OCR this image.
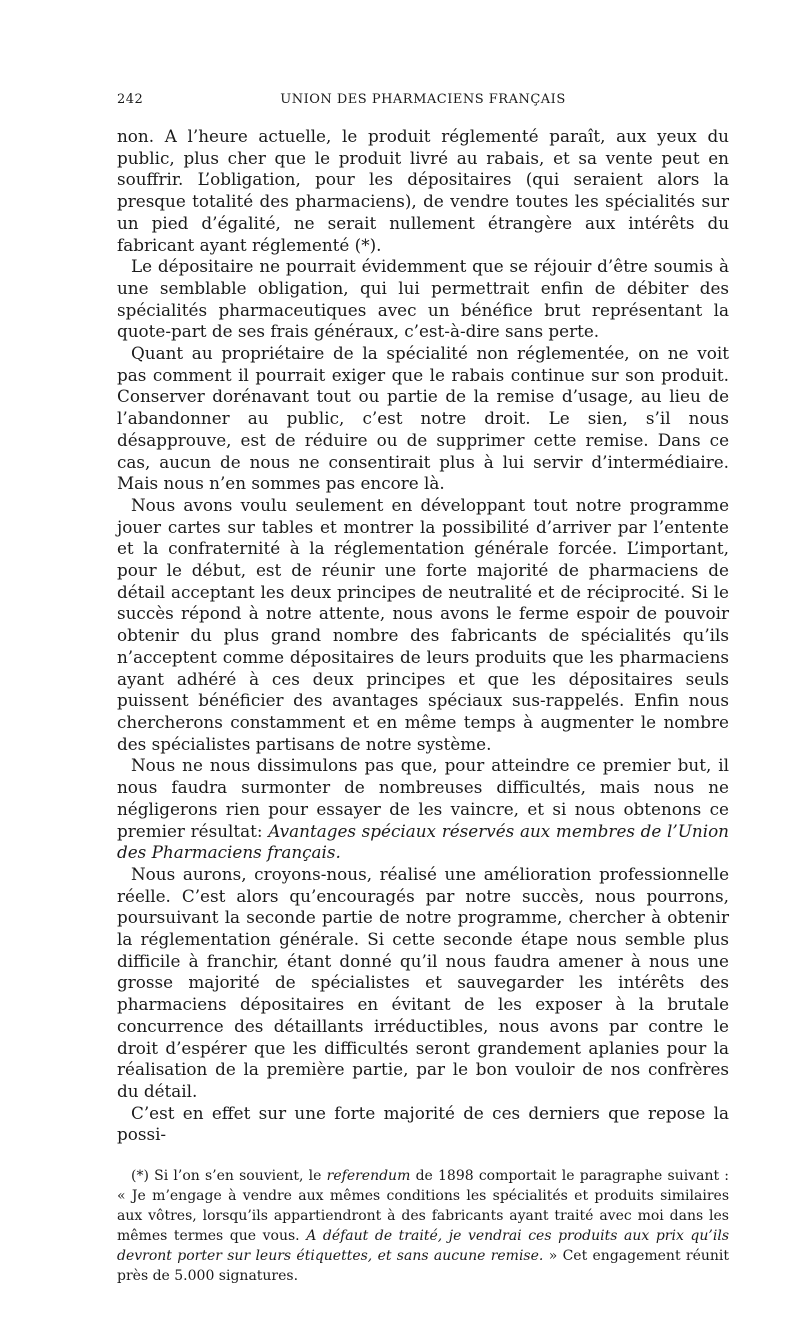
242	UNION DES PHARMACIENS FRANÇAIS

non. A l’heure actuelle, le produit réglementé paraît, aux yeux du public, plus cher que le produit livré au rabais, et sa vente peut en souffrir. L’obligation, pour les dépositaires (qui seraient alors la presque totalité des pharmaciens), de vendre toutes les spécialités sur un pied d’égalité, ne serait nullement étrangère aux intérêts du fabricant ayant réglementé (*).

Le dépositaire ne pourrait évidemment que se réjouir d’être soumis à une semblable obligation, qui lui permettrait enfin de débiter des spécialités pharmaceutiques avec un bénéfice brut représentant la quote-part de ses frais généraux, c’est-à-dire sans perte.

Quant au propriétaire de la spécialité non réglementée, on ne voit pas comment il pourrait exiger que le rabais continue sur son produit. Conserver dorénavant tout ou partie de la remise d’usage, au lieu de l’abandonner au public, c’est notre droit. Le sien, s’il nous désapprouve, est de réduire ou de supprimer cette remise. Dans ce cas, aucun de nous ne consentirait plus à lui servir d’intermédiaire. Mais nous n’en sommes pas encore là.

Nous avons voulu seulement en développant tout notre programme jouer cartes sur tables et montrer la possibilité d’arriver par l’entente et la confraternité à la réglementation générale forcée. L’important, pour le début, est de réunir une forte majorité de pharmaciens de détail acceptant les deux principes de neutralité et de réciprocité. Si le succès répond à notre attente, nous avons le ferme espoir de pouvoir obtenir du plus grand nombre des fabricants de spécialités qu’ils n’acceptent comme dépositaires de leurs produits que les pharmaciens ayant adhéré à ces deux principes et que les dépositaires seuls puissent bénéficier des avantages spéciaux sus-rappelés. Enfin nous chercherons constamment et en même temps à augmenter le nombre des spécialistes partisans de notre système.

Nous ne nous dissimulons pas que, pour atteindre ce premier but, il nous faudra surmonter de nombreuses difficultés, mais nous ne négligerons rien pour essayer de les vaincre, et si nous obtenons ce premier résultat: Avantages spéciaux réservés aux membres de l’Union des Pharmaciens français.

Nous aurons, croyons-nous, réalisé une amélioration professionnelle réelle. C’est alors qu’encouragés par notre succès, nous pourrons, poursuivant la seconde partie de notre programme, chercher à obtenir la réglementation générale. Si cette seconde étape nous semble plus difficile à franchir, étant donné qu’il nous faudra amener à nous une grosse majorité de spécialistes et sauvegarder les intérêts des pharmaciens dépositaires en évitant de les exposer à la brutale concurrence des détaillants irréductibles, nous avons par contre le droit d’espérer que les difficultés seront grandement aplanies pour la réalisation de la première partie, par le bon vouloir de nos confrères du détail.

C’est en effet sur une forte majorité de ces derniers que repose la possi-

(*) Si l’on s’en souvient, le referendum de 1898 comportait le paragraphe suivant : « Je m’engage à vendre aux mêmes conditions les spécialités et produits similaires aux vôtres, lorsqu’ils appartiendront à des fabricants ayant traité avec moi dans les mêmes termes que vous. A défaut de traité, je vendrai ces produits aux prix qu’ils devront porter sur leurs étiquettes, et sans aucune remise. » Cet engagement réunit près de 5.000 signatures.
